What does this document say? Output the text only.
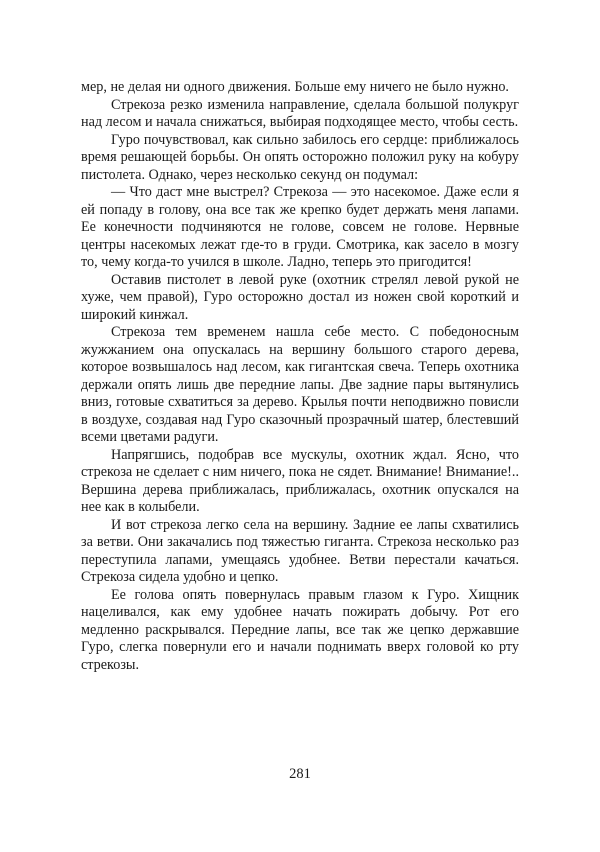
мер, не делая ни одного движения. Больше ему ничего не было нужно.

Стрекоза резко изменила направление, сделала большой полукруг над лесом и начала снижаться, выбирая подходящее место, чтобы сесть.

Гуро почувствовал, как сильно забилось его сердце: приближалось время решающей борьбы. Он опять осторожно положил руку на кобуру пистолета. Однако, через несколько секунд он подумал:

— Что даст мне выстрел? Стрекоза — это насекомое. Даже если я ей попаду в голову, она все так же крепко будет держать меня лапами. Ее конечности подчиняются не голове, совсем не голове. Нервные центры насекомых лежат где-то в груди. Смотрика, как засело в мозгу то, чему когда-то учился в школе. Ладно, теперь это пригодится!

Оставив пистолет в левой руке (охотник стрелял левой рукой не хуже, чем правой), Гуро осторожно достал из ножен свой короткий и широкий кинжал.

Стрекоза тем временем нашла себе место. С победоносным жужжанием она опускалась на вершину большого старого дерева, которое возвышалось над лесом, как гигантская свеча. Теперь охотника держали опять лишь две передние лапы. Две задние пары вытянулись вниз, готовые схватиться за дерево. Крылья почти неподвижно повисли в воздухе, создавая над Гуро сказочный прозрачный шатер, блестевший всеми цветами радуги.

Напрягшись, подобрав все мускулы, охотник ждал. Ясно, что стрекоза не сделает с ним ничего, пока не сядет. Внимание! Внимание!.. Вершина дерева приближалась, приближалась, охотник опускался на нее как в колыбели.

И вот стрекоза легко села на вершину. Задние ее лапы схватились за ветви. Они закачались под тяжестью гиганта. Стрекоза несколько раз переступила лапами, умещаясь удобнее. Ветви перестали качаться. Стрекоза сидела удобно и цепко.

Ее голова опять повернулась правым глазом к Гуро. Хищник нацеливался, как ему удобнее начать пожирать добычу. Рот его медленно раскрывался. Передние лапы, все так же цепко державшие Гуро, слегка повернули его и начали поднимать вверх головой ко рту стрекозы.

281
